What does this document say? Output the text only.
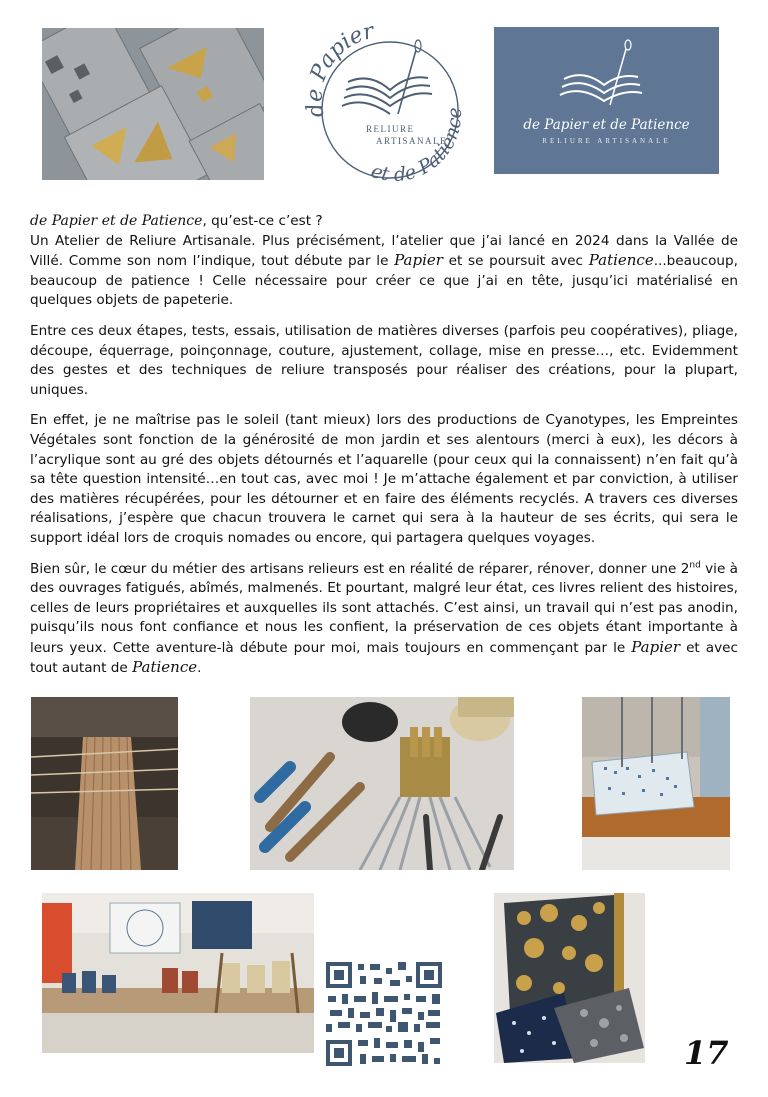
de Papier
et de Patience
RELIURE
ARTISANALE
de Papier et de Patience
RELIURE ARTISANALE

de Papier et de Patience, qu’est-ce c’est ?
Un Atelier de Reliure Artisanale. Plus précisément, l’atelier que j’ai lancé en 2024 dans la Vallée de Villé. Comme son nom l’indique, tout débute par le Papier et se poursuit avec Patience...beaucoup, beaucoup de patience ! Celle nécessaire pour créer ce que j’ai en tête, jusqu’ici matérialisé en quelques objets de papeterie.

Entre ces deux étapes, tests, essais, utilisation de matières diverses (parfois peu coopératives), pliage, découpe, équerrage, poinçonnage, couture, ajustement, collage, mise en presse…, etc. Evidemment des gestes et des techniques de reliure transposés pour réaliser des créations, pour la plupart, uniques.

En effet, je ne maîtrise pas le soleil (tant mieux) lors des productions de Cyanotypes, les Empreintes Végétales sont fonction de la générosité de mon jardin et ses alentours (merci à eux), les décors à l’acrylique sont au gré des objets détournés et l’aquarelle (pour ceux qui la connaissent) n’en fait qu’à sa tête question intensité…en tout cas, avec moi ! Je m’attache également et par conviction, à utiliser des matières récupérées, pour les détourner et en faire des éléments recyclés. A travers ces diverses réalisations, j’espère que chacun trouvera le carnet qui sera à la hauteur de ses écrits, qui sera le support idéal lors de croquis nomades ou encore, qui partagera quelques voyages.

Bien sûr, le cœur du métier des artisans relieurs est en réalité de réparer, rénover, donner une 2nd vie à des ouvrages fatigués, abîmés, malmenés. Et pourtant, malgré leur état, ces livres relient des histoires, celles de leurs propriétaires et auxquelles ils sont attachés. C’est ainsi, un travail qui n’est pas anodin, puisqu’ils nous font confiance et nous les confient, la préservation de ces objets étant importante à leurs yeux. Cette aventure-là débute pour moi, mais toujours en commençant par le Papier et avec tout autant de Patience.

17
